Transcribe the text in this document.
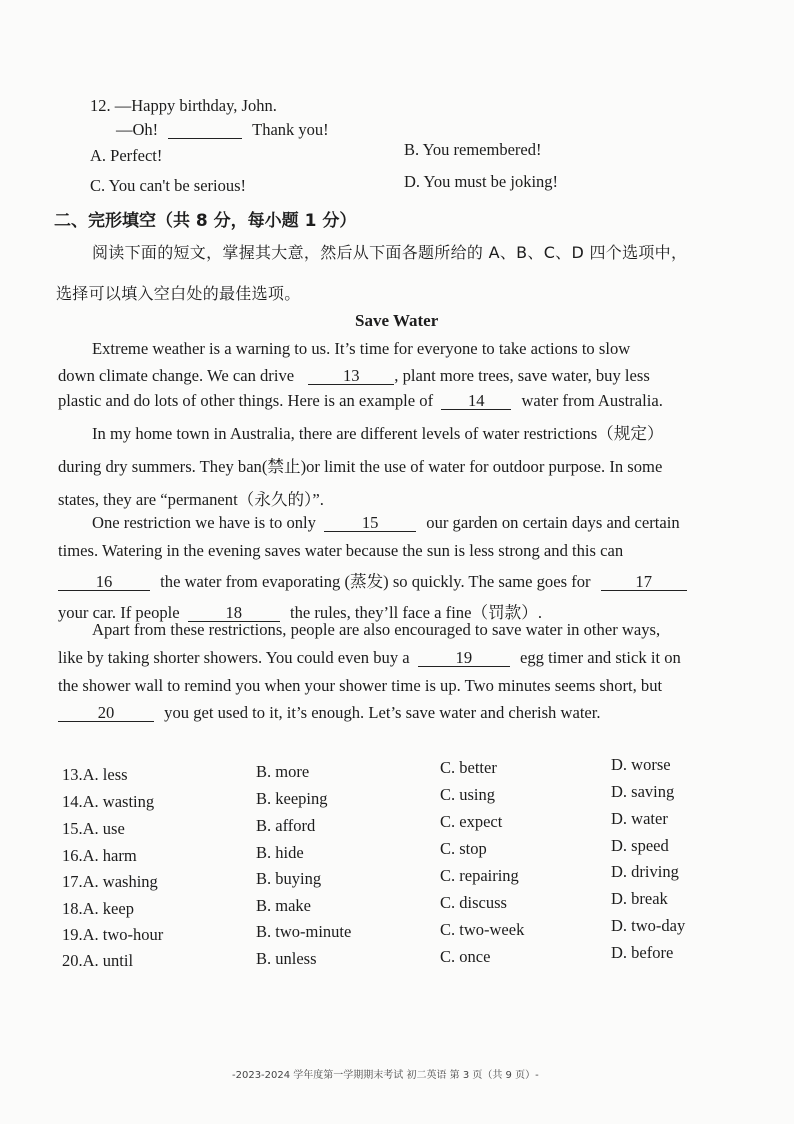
12. —Happy birthday, John.
—Oh!	Thank you!
A. Perfect!	B. You remembered!
C. You can't be serious!	D. You must be joking!
二、完形填空（共 8 分，每小题 1 分）
阅读下面的短文，掌握其大意，然后从下面各题所给的 A、B、C、D 四个选项中，
选择可以填入空白处的最佳选项。
Save Water
Extreme weather is a warning to us. It’s time for everyone to take actions to slow
down climate change. We can drive	13 , plant more trees, save water, buy less
plastic and do lots of other things. Here is an example of 14 water from Australia.
In my home town in Australia, there are different levels of water restrictions（规定）
during dry summers. They ban(禁止)or limit the use of water for outdoor purpose. In some
states, they are “permanent（永久的）”.
One restriction we have is to only	15	our garden on certain days and certain
times. Watering in the evening saves water because the sun is less strong and this can
16	the water from evaporating (蒸发) so quickly. The same goes for	17
your car. If people	18	the rules, they’ll face a fine（罚款）.
Apart from these restrictions, people are also encouraged to save water in other ways,
like by taking shorter showers. You could even buy a	19	egg timer and stick it on
the shower wall to remind you when your shower time is up. Two minutes seems short, but
20	you get used to it, it’s enough. Let’s save water and cherish water.
13.A. less	B. more	C. better	D. worse
14.A. wasting	B. keeping	C. using	D. saving
15.A. use	B. afford	C. expect	D. water
16.A. harm	B. hide	C. stop	D. speed
17.A. washing	B. buying	C. repairing	D. driving
18.A. keep	B. make	C. discuss	D. break
19.A. two-hour	B. two-minute	C. two-week	D. two-day
20.A. until	B. unless	C. once	D. before
-2023-2024 学年度第一学期期末考试 初二英语 第 3 页（共 9 页）-
